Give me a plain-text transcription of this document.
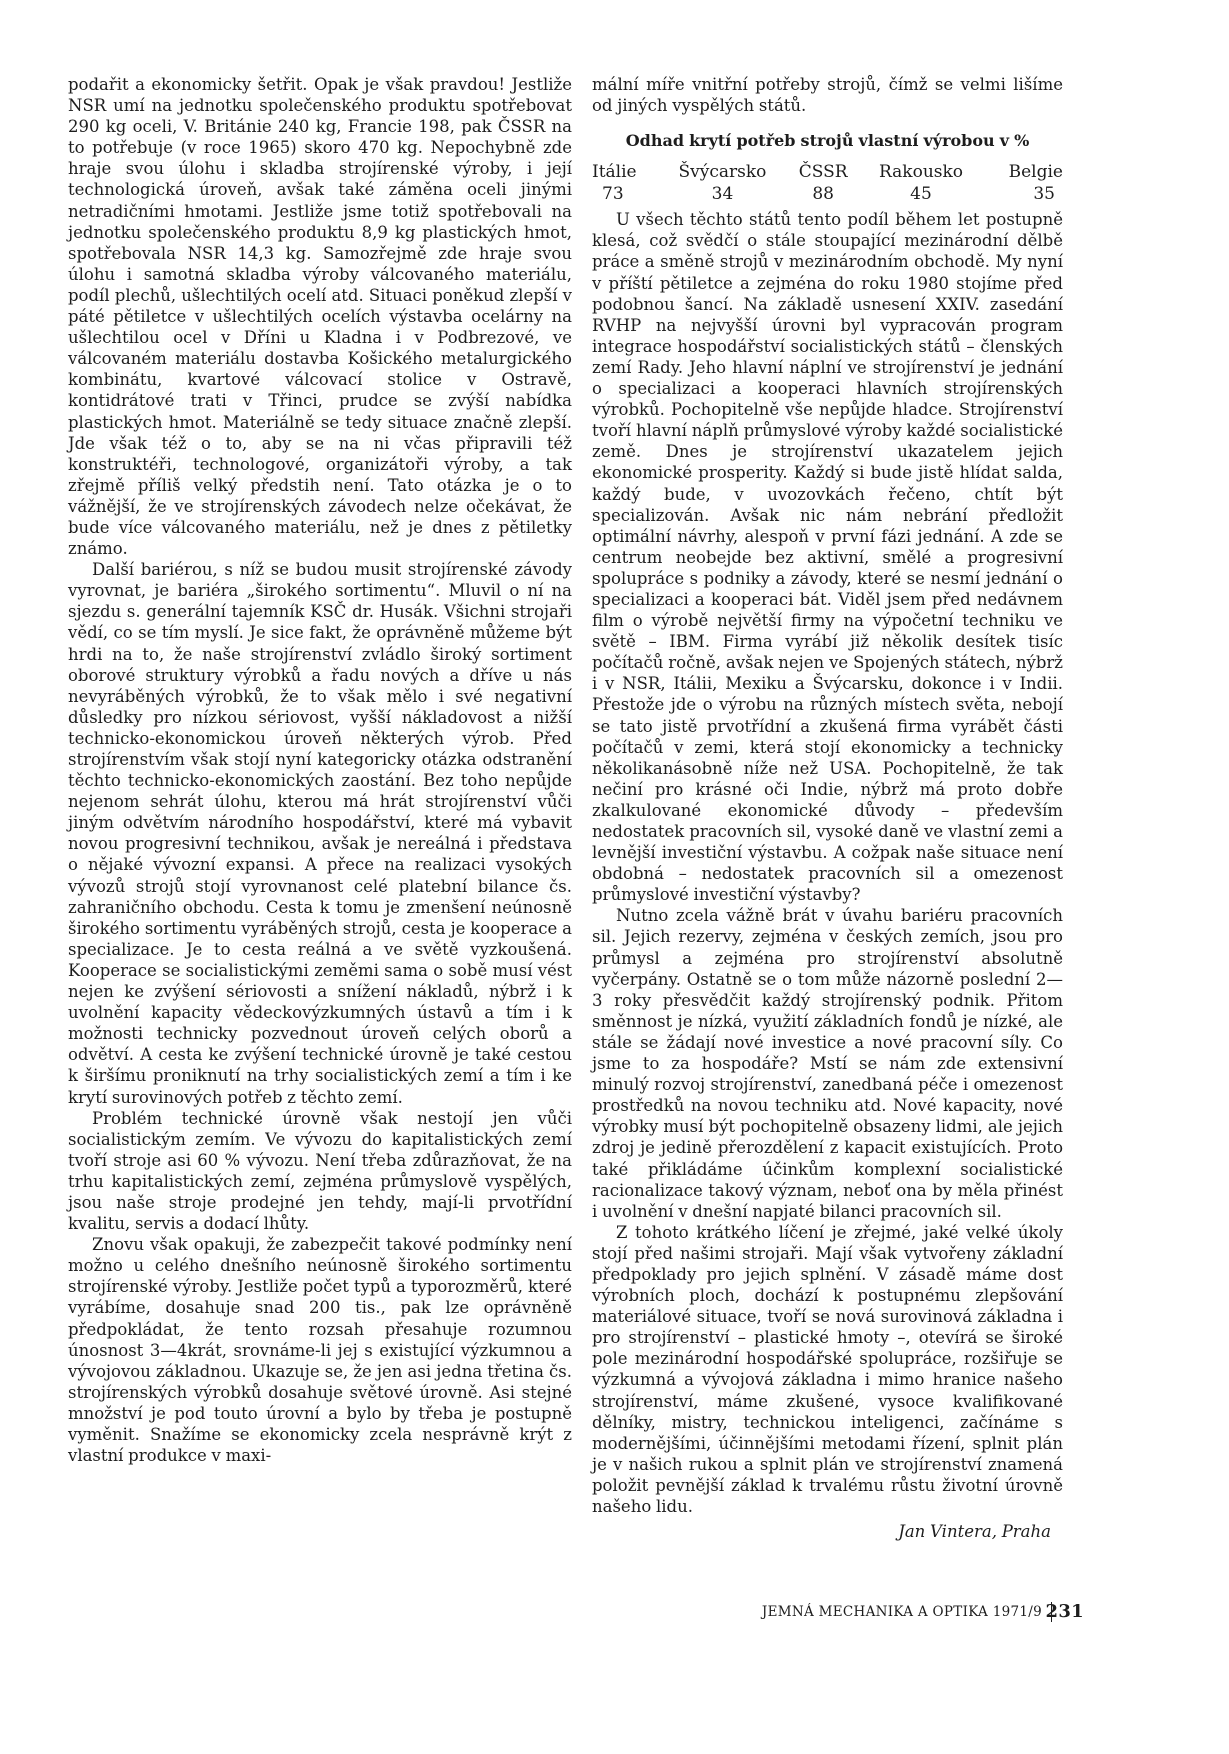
podařit a ekonomicky šetřit. Opak je však pravdou! Jestliže NSR umí na jednotku společenského produktu spotřebovat 290 kg oceli, V. Británie 240 kg, Francie 198, pak ČSSR na to potřebuje (v roce 1965) skoro 470 kg. Nepochybně zde hraje svou úlohu i skladba strojírenské výroby, i její technologická úroveň, avšak také záměna oceli jinými netradičními hmotami. Jestliže jsme totiž spotřebovali na jednotku společenského produktu 8,9 kg plastických hmot, spotřebovala NSR 14,3 kg. Samozřejmě zde hraje svou úlohu i samotná skladba výroby válcovaného materiálu, podíl plechů, ušlechtilých ocelí atd. Situaci poněkud zlepší v páté pětiletce v ušlechtilých ocelích výstavba ocelárny na ušlechtilou ocel v Dříni u Kladna i v Podbrezové, ve válcovaném materiálu dostavba Košického metalurgického kombinátu, kvartové válcovací stolice v Ostravě, kontidrátové trati v Třinci, prudce se zvýší nabídka plastických hmot. Materiálně se tedy situace značně zlepší. Jde však též o to, aby se na ni včas připravili též konstruktéři, technologové, organizátoři výroby, a tak zřejmě příliš velký předstih není. Tato otázka je o to vážnější, že ve strojírenských závodech nelze očekávat, že bude více válcovaného materiálu, než je dnes z pětiletky známo.

Další bariérou, s níž se budou musit strojírenské závody vyrovnat, je bariéra „širokého sortimentu“. Mluvil o ní na sjezdu s. generální tajemník KSČ dr. Husák. Všichni strojaři vědí, co se tím myslí. Je sice fakt, že oprávněně můžeme být hrdi na to, že naše strojírenství zvládlo široký sortiment oborové struktury výrobků a řadu nových a dříve u nás nevyráběných výrobků, že to však mělo i své negativní důsledky pro nízkou sériovost, vyšší nákladovost a nižší technicko-ekonomickou úroveň některých výrob. Před strojírenstvím však stojí nyní kategoricky otázka odstranění těchto technicko-ekonomických zaostání. Bez toho nepůjde nejenom sehrát úlohu, kterou má hrát strojírenství vůči jiným odvětvím národního hospodářství, které má vybavit novou progresivní technikou, avšak je nereálná i představa o nějaké vývozní expansi. A přece na realizaci vysokých vývozů strojů stojí vyrovnanost celé platební bilance čs. zahraničního obchodu. Cesta k tomu je zmenšení neúnosně širokého sortimentu vyráběných strojů, cesta je kooperace a specializace. Je to cesta reálná a ve světě vyzkoušená. Kooperace se socialistickými zeměmi sama o sobě musí vést nejen ke zvýšení sériovosti a snížení nákladů, nýbrž i k uvolnění kapacity vědeckovýzkumných ústavů a tím i k možnosti technicky pozvednout úroveň celých oborů a odvětví. A cesta ke zvýšení technické úrovně je také cestou k širšímu proniknutí na trhy socialistických zemí a tím i ke krytí surovinových potřeb z těchto zemí.

Problém technické úrovně však nestojí jen vůči socialistickým zemím. Ve vývozu do kapitalistických zemí tvoří stroje asi 60 % vývozu. Není třeba zdůrazňovat, že na trhu kapitalistických zemí, zejména průmyslově vyspělých, jsou naše stroje prodejné jen tehdy, mají-li prvotřídní kvalitu, servis a dodací lhůty.

Znovu však opakuji, že zabezpečit takové podmínky není možno u celého dnešního neúnosně širokého sortimentu strojírenské výroby. Jestliže počet typů a typorozměrů, které vyrábíme, dosahuje snad 200 tis., pak lze oprávněně předpokládat, že tento rozsah přesahuje rozumnou únosnost 3—4krát, srovnáme-li jej s existující výzkumnou a vývojovou základnou. Ukazuje se, že jen asi jedna třetina čs. strojírenských výrobků dosahuje světové úrovně. Asi stejné množství je pod touto úrovní a bylo by třeba je postupně vyměnit. Snažíme se ekonomicky zcela nesprávně krýt z vlastní produkce v maxi-

mální míře vnitřní potřeby strojů, čímž se velmi lišíme od jiných vyspělých států.

Odhad krytí potřeb strojů vlastní výrobou v %
Itálie	Švýcarsko	ČSSR	Rakousko	Belgie
73	34	88	45	35

U všech těchto států tento podíl během let postupně klesá, což svědčí o stále stoupající mezinárodní dělbě práce a směně strojů v mezinárodním obchodě. My nyní v příští pětiletce a zejména do roku 1980 stojíme před podobnou šancí. Na základě usnesení XXIV. zasedání RVHP na nejvyšší úrovni byl vypracován program integrace hospodářství socialistických států – členských zemí Rady. Jeho hlavní náplní ve strojírenství je jednání o specializaci a kooperaci hlavních strojírenských výrobků. Pochopitelně vše nepůjde hladce. Strojírenství tvoří hlavní náplň průmyslové výroby každé socialistické země. Dnes je strojírenství ukazatelem jejich ekonomické prosperity. Každý si bude jistě hlídat salda, každý bude, v uvozovkách řečeno, chtít být specializován. Avšak nic nám nebrání předložit optimální návrhy, alespoň v první fázi jednání. A zde se centrum neobejde bez aktivní, smělé a progresivní spolupráce s podniky a závody, které se nesmí jednání o specializaci a kooperaci bát. Viděl jsem před nedávnem film o výrobě největší firmy na výpočetní techniku ve světě – IBM. Firma vyrábí již několik desítek tisíc počítačů ročně, avšak nejen ve Spojených státech, nýbrž i v NSR, Itálii, Mexiku a Švýcarsku, dokonce i v Indii. Přestože jde o výrobu na různých místech světa, nebojí se tato jistě prvotřídní a zkušená firma vyrábět části počítačů v zemi, která stojí ekonomicky a technicky několikanásobně níže než USA. Pochopitelně, že tak nečiní pro krásné oči Indie, nýbrž má proto dobře zkalkulované ekonomické důvody – především nedostatek pracovních sil, vysoké daně ve vlastní zemi a levnější investiční výstavbu. A cožpak naše situace není obdobná – nedostatek pracovních sil a omezenost průmyslové investiční výstavby?

Nutno zcela vážně brát v úvahu bariéru pracovních sil. Jejich rezervy, zejména v českých zemích, jsou pro průmysl a zejména pro strojírenství absolutně vyčerpány. Ostatně se o tom může názorně poslední 2—3 roky přesvědčit každý strojírenský podnik. Přitom směnnost je nízká, využití základních fondů je nízké, ale stále se žádají nové investice a nové pracovní síly. Co jsme to za hospodáře? Mstí se nám zde extensivní minulý rozvoj strojírenství, zanedbaná péče i omezenost prostředků na novou techniku atd. Nové kapacity, nové výrobky musí být pochopitelně obsazeny lidmi, ale jejich zdroj je jedině přerozdělení z kapacit existujících. Proto také přikládáme účinkům komplexní socialistické racionalizace takový význam, neboť ona by měla přinést i uvolnění v dnešní napjaté bilanci pracovních sil.

Z tohoto krátkého líčení je zřejmé, jaké velké úkoly stojí před našimi strojaři. Mají však vytvořeny základní předpoklady pro jejich splnění. V zásadě máme dost výrobních ploch, dochází k postupnému zlepšování materiálové situace, tvoří se nová surovinová základna i pro strojírenství – plastické hmoty –, otevírá se široké pole mezinárodní hospodářské spolupráce, rozšiřuje se výzkumná a vývojová základna i mimo hranice našeho strojírenství, máme zkušené, vysoce kvalifikované dělníky, mistry, technickou inteligenci, začínáme s modernějšími, účinnějšími metodami řízení, splnit plán je v našich rukou a splnit plán ve strojírenství znamená položit pevnější základ k trvalému růstu životní úrovně našeho lidu.

Jan Vintera, Praha
JEMNÁ MECHANIKA A OPTIKA 1971/9 231
